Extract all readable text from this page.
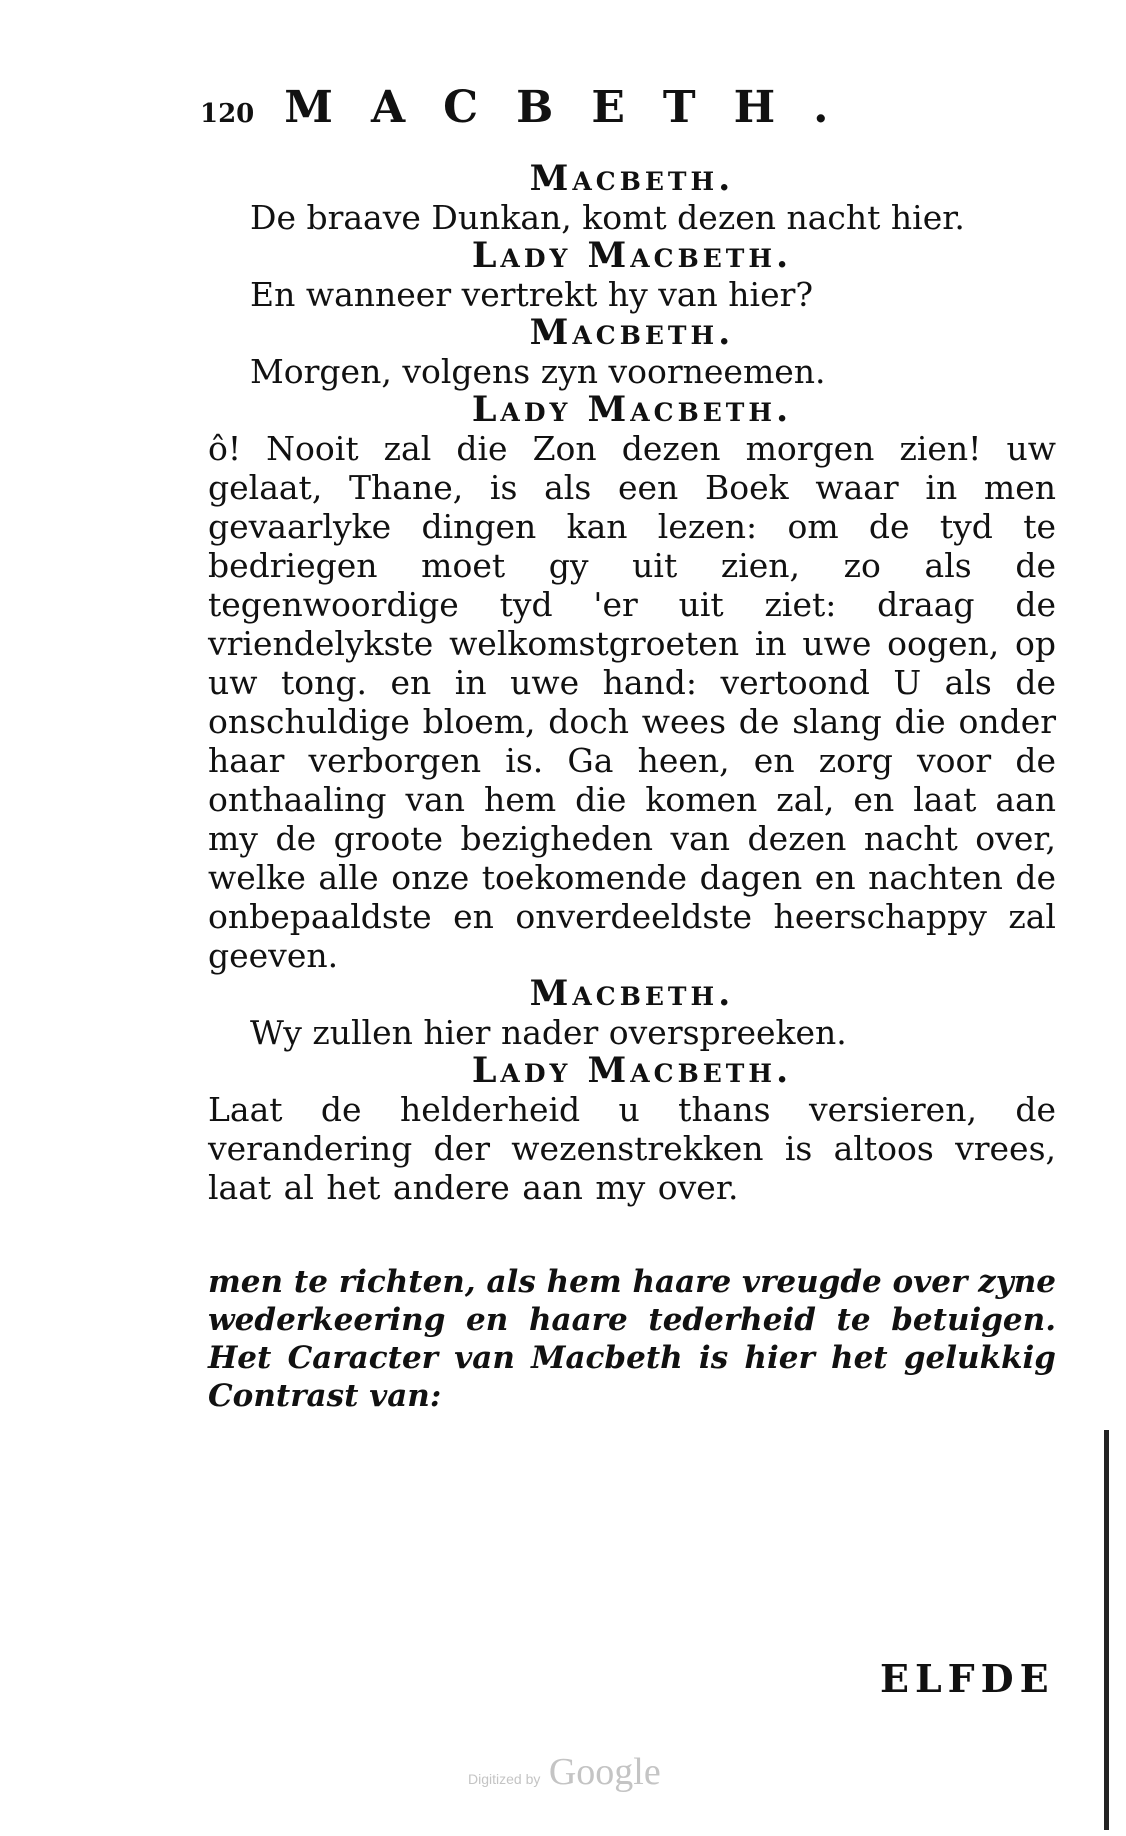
120 MACBETH.
Macbeth.
De braave Dunkan, komt dezen nacht hier.
Lady Macbeth.
En wanneer vertrekt hy van hier?
Macbeth.
Morgen, volgens zyn voorneemen.
Lady Macbeth.

ô! Nooit zal die Zon dezen morgen zien! uw gelaat, Thane, is als een Boek waar in men gevaarlyke dingen kan lezen: om de tyd te bedriegen moet gy uit zien, zo als de tegenwoordige tyd 'er uit ziet: draag de vriendelykste welkomstgroeten in uwe oogen, op uw tong. en in uwe hand: vertoond U als de onschuldige bloem, doch wees de slang die onder haar verborgen is. Ga heen, en zorg voor de onthaaling van hem die komen zal, en laat aan my de groote bezigheden van dezen nacht over, welke alle onze toekomende dagen en nachten de onbepaaldste en onverdeeldste heerschappy zal geeven.

Macbeth.
Wy zullen hier nader overspreeken.
Lady Macbeth.

Laat de helderheid u thans versieren, de verandering der wezenstrekken is altoos vrees, laat al het andere aan my over.

men te richten, als hem haare vreugde over zyne wederkeering en haare tederheid te betuigen. Het Caracter van Macbeth is hier het gelukkig Contrast van:

ELFDE
Digitized by Google
